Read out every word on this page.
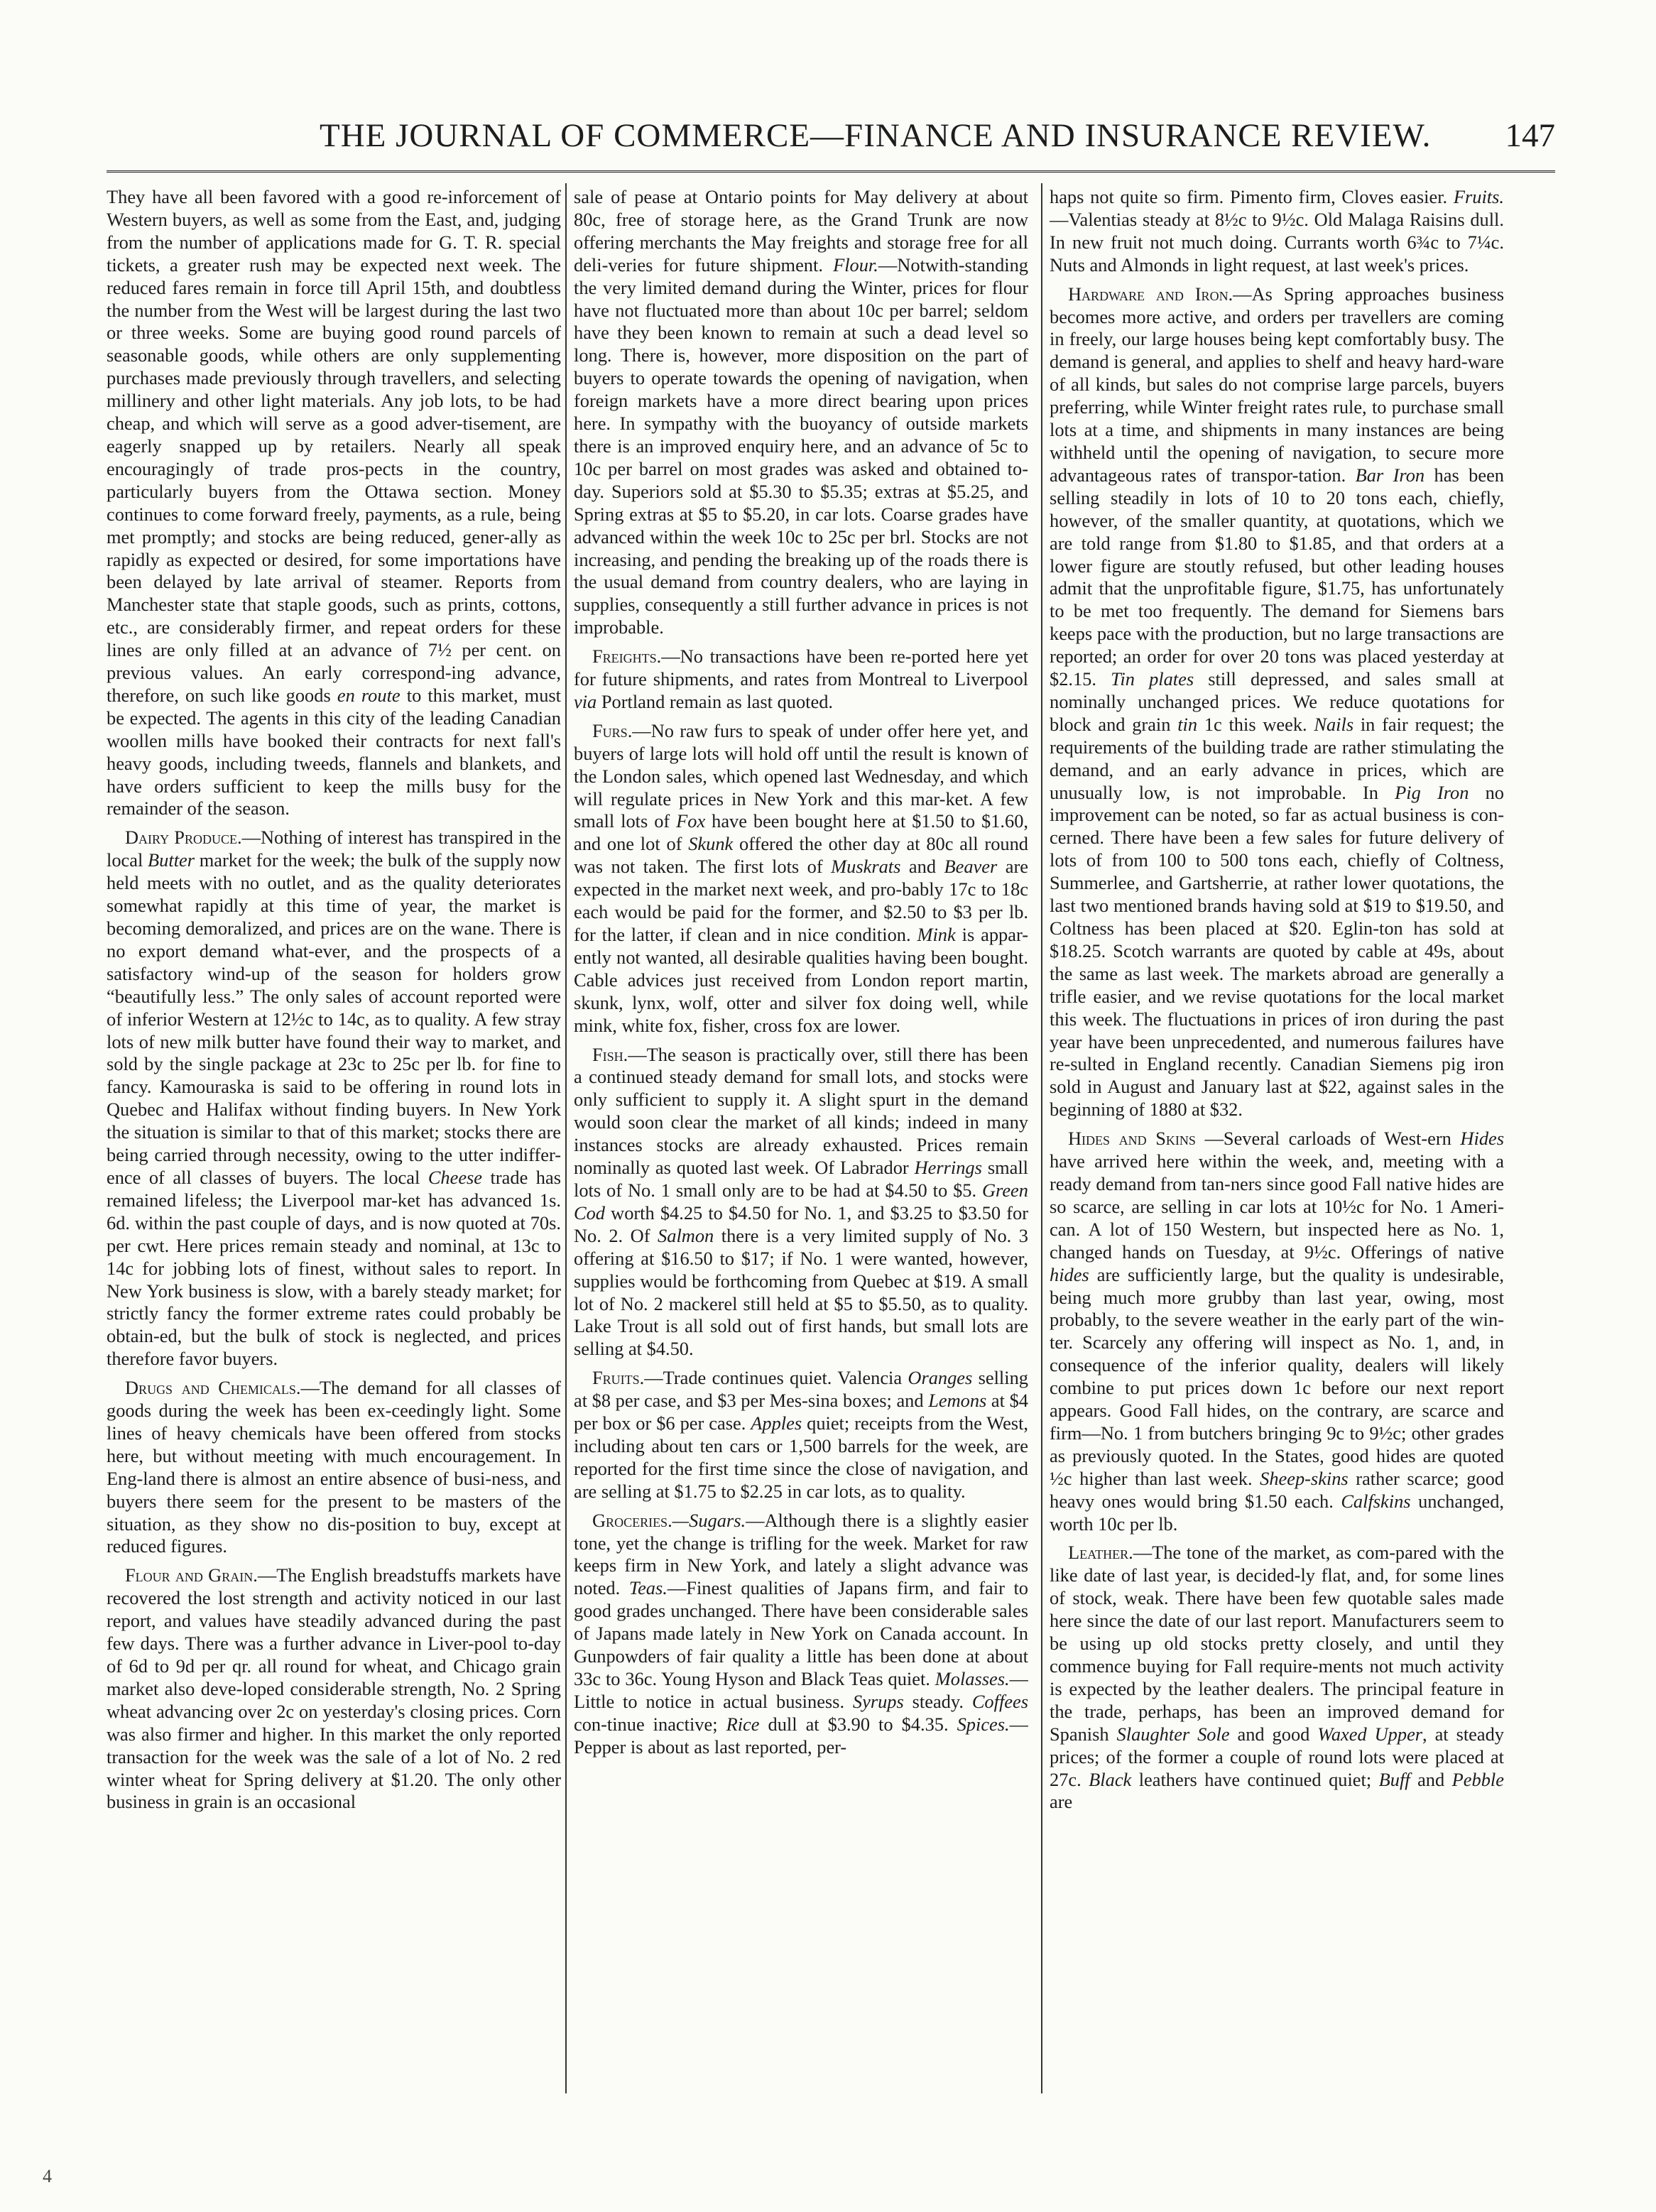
THE JOURNAL OF COMMERCE—FINANCE AND INSURANCE REVIEW. 147

They have all been favored with a good re-inforcement of Western buyers, as well as some from the East, and, judging from the number of applications made for G. T. R. special tickets, a greater rush may be expected next week. The reduced fares remain in force till April 15th, and doubtless the number from the West will be largest during the last two or three weeks. Some are buying good round parcels of seasonable goods, while others are only supplementing purchases made previously through travellers, and selecting millinery and other light materials. Any job lots, to be had cheap, and which will serve as a good adver-tisement, are eagerly snapped up by retailers. Nearly all speak encouragingly of trade pros-pects in the country, particularly buyers from the Ottawa section. Money continues to come forward freely, payments, as a rule, being met promptly; and stocks are being reduced, gener-ally as rapidly as expected or desired, for some importations have been delayed by late arrival of steamer. Reports from Manchester state that staple goods, such as prints, cottons, etc., are considerably firmer, and repeat orders for these lines are only filled at an advance of 7½ per cent. on previous values. An early correspond-ing advance, therefore, on such like goods en route to this market, must be expected. The agents in this city of the leading Canadian woollen mills have booked their contracts for next fall's heavy goods, including tweeds, flannels and blankets, and have orders sufficient to keep the mills busy for the remainder of the season.

Dairy Produce.—Nothing of interest has transpired in the local Butter market for the week; the bulk of the supply now held meets with no outlet, and as the quality deteriorates somewhat rapidly at this time of year, the market is becoming demoralized, and prices are on the wane. There is no export demand what-ever, and the prospects of a satisfactory wind-up of the season for holders grow “beautifully less.” The only sales of account reported were of inferior Western at 12½c to 14c, as to quality. A few stray lots of new milk butter have found their way to market, and sold by the single package at 23c to 25c per lb. for fine to fancy. Kamouraska is said to be offering in round lots in Quebec and Halifax without finding buyers. In New York the situation is similar to that of this market; stocks there are being carried through necessity, owing to the utter indiffer-ence of all classes of buyers. The local Cheese trade has remained lifeless; the Liverpool mar-ket has advanced 1s. 6d. within the past couple of days, and is now quoted at 70s. per cwt. Here prices remain steady and nominal, at 13c to 14c for jobbing lots of finest, without sales to report. In New York business is slow, with a barely steady market; for strictly fancy the former extreme rates could probably be obtain-ed, but the bulk of stock is neglected, and prices therefore favor buyers.

Drugs and Chemicals.—The demand for all classes of goods during the week has been ex-ceedingly light. Some lines of heavy chemicals have been offered from stocks here, but without meeting with much encouragement. In Eng-land there is almost an entire absence of busi-ness, and buyers there seem for the present to be masters of the situation, as they show no dis-position to buy, except at reduced figures.

Flour and Grain.—The English breadstuffs markets have recovered the lost strength and activity noticed in our last report, and values have steadily advanced during the past few days. There was a further advance in Liver-pool to-day of 6d to 9d per qr. all round for wheat, and Chicago grain market also deve-loped considerable strength, No. 2 Spring wheat advancing over 2c on yesterday's closing prices. Corn was also firmer and higher. In this market the only reported transaction for the week was the sale of a lot of No. 2 red winter wheat for Spring delivery at $1.20. The only other business in grain is an occasional

sale of pease at Ontario points for May delivery at about 80c, free of storage here, as the Grand Trunk are now offering merchants the May freights and storage free for all deli-veries for future shipment. Flour.—Notwith-standing the very limited demand during the Winter, prices for flour have not fluctuated more than about 10c per barrel; seldom have they been known to remain at such a dead level so long. There is, however, more disposition on the part of buyers to operate towards the opening of navigation, when foreign markets have a more direct bearing upon prices here. In sympathy with the buoyancy of outside markets there is an improved enquiry here, and an advance of 5c to 10c per barrel on most grades was asked and obtained to-day. Superiors sold at $5.30 to $5.35; extras at $5.25, and Spring extras at $5 to $5.20, in car lots. Coarse grades have advanced within the week 10c to 25c per brl. Stocks are not increasing, and pending the breaking up of the roads there is the usual demand from country dealers, who are laying in supplies, consequently a still further advance in prices is not improbable.

Freights.—No transactions have been re-ported here yet for future shipments, and rates from Montreal to Liverpool via Portland remain as last quoted.

Furs.—No raw furs to speak of under offer here yet, and buyers of large lots will hold off until the result is known of the London sales, which opened last Wednesday, and which will regulate prices in New York and this mar-ket. A few small lots of Fox have been bought here at $1.50 to $1.60, and one lot of Skunk offered the other day at 80c all round was not taken. The first lots of Muskrats and Beaver are expected in the market next week, and pro-bably 17c to 18c each would be paid for the former, and $2.50 to $3 per lb. for the latter, if clean and in nice condition. Mink is appar-ently not wanted, all desirable qualities having been bought. Cable advices just received from London report martin, skunk, lynx, wolf, otter and silver fox doing well, while mink, white fox, fisher, cross fox are lower.

Fish.—The season is practically over, still there has been a continued steady demand for small lots, and stocks were only sufficient to supply it. A slight spurt in the demand would soon clear the market of all kinds; indeed in many instances stocks are already exhausted. Prices remain nominally as quoted last week. Of Labrador Herrings small lots of No. 1 small only are to be had at $4.50 to $5. Green Cod worth $4.25 to $4.50 for No. 1, and $3.25 to $3.50 for No. 2. Of Salmon there is a very limited supply of No. 3 offering at $16.50 to $17; if No. 1 were wanted, however, supplies would be forthcoming from Quebec at $19. A small lot of No. 2 mackerel still held at $5 to $5.50, as to quality. Lake Trout is all sold out of first hands, but small lots are selling at $4.50.

Fruits.—Trade continues quiet. Valencia Oranges selling at $8 per case, and $3 per Mes-sina boxes; and Lemons at $4 per box or $6 per case. Apples quiet; receipts from the West, including about ten cars or 1,500 barrels for the week, are reported for the first time since the close of navigation, and are selling at $1.75 to $2.25 in car lots, as to quality.

Groceries.—Sugars.—Although there is a slightly easier tone, yet the change is trifling for the week. Market for raw keeps firm in New York, and lately a slight advance was noted. Teas.—Finest qualities of Japans firm, and fair to good grades unchanged. There have been considerable sales of Japans made lately in New York on Canada account. In Gunpowders of fair quality a little has been done at about 33c to 36c. Young Hyson and Black Teas quiet. Molasses.—Little to notice in actual business. Syrups steady. Coffees con-tinue inactive; Rice dull at $3.90 to $4.35. Spices.—Pepper is about as last reported, per-

haps not quite so firm. Pimento firm, Cloves easier. Fruits.—Valentias steady at 8½c to 9½c. Old Malaga Raisins dull. In new fruit not much doing. Currants worth 6¾c to 7¼c. Nuts and Almonds in light request, at last week's prices.

Hardware and Iron.—As Spring approaches business becomes more active, and orders per travellers are coming in freely, our large houses being kept comfortably busy. The demand is general, and applies to shelf and heavy hard-ware of all kinds, but sales do not comprise large parcels, buyers preferring, while Winter freight rates rule, to purchase small lots at a time, and shipments in many instances are being withheld until the opening of navigation, to secure more advantageous rates of transpor-tation. Bar Iron has been selling steadily in lots of 10 to 20 tons each, chiefly, however, of the smaller quantity, at quotations, which we are told range from $1.80 to $1.85, and that orders at a lower figure are stoutly refused, but other leading houses admit that the unprofitable figure, $1.75, has unfortunately to be met too frequently. The demand for Siemens bars keeps pace with the production, but no large transactions are reported; an order for over 20 tons was placed yesterday at $2.15. Tin plates still depressed, and sales small at nominally unchanged prices. We reduce quotations for block and grain tin 1c this week. Nails in fair request; the requirements of the building trade are rather stimulating the demand, and an early advance in prices, which are unusually low, is not improbable. In Pig Iron no improvement can be noted, so far as actual business is con-cerned. There have been a few sales for future delivery of lots of from 100 to 500 tons each, chiefly of Coltness, Summerlee, and Gartsherrie, at rather lower quotations, the last two mentioned brands having sold at $19 to $19.50, and Coltness has been placed at $20. Eglin-ton has sold at $18.25. Scotch warrants are quoted by cable at 49s, about the same as last week. The markets abroad are generally a trifle easier, and we revise quotations for the local market this week. The fluctuations in prices of iron during the past year have been unprecedented, and numerous failures have re-sulted in England recently. Canadian Siemens pig iron sold in August and January last at $22, against sales in the beginning of 1880 at $32.

Hides and Skins —Several carloads of West-ern Hides have arrived here within the week, and, meeting with a ready demand from tan-ners since good Fall native hides are so scarce, are selling in car lots at 10½c for No. 1 Ameri-can. A lot of 150 Western, but inspected here as No. 1, changed hands on Tuesday, at 9½c. Offerings of native hides are sufficiently large, but the quality is undesirable, being much more grubby than last year, owing, most probably, to the severe weather in the early part of the win-ter. Scarcely any offering will inspect as No. 1, and, in consequence of the inferior quality, dealers will likely combine to put prices down 1c before our next report appears. Good Fall hides, on the contrary, are scarce and firm—No. 1 from butchers bringing 9c to 9½c; other grades as previously quoted. In the States, good hides are quoted ½c higher than last week. Sheep-skins rather scarce; good heavy ones would bring $1.50 each. Calfskins unchanged, worth 10c per lb.

Leather.—The tone of the market, as com-pared with the like date of last year, is decided-ly flat, and, for some lines of stock, weak. There have been few quotable sales made here since the date of our last report. Manufacturers seem to be using up old stocks pretty closely, and until they commence buying for Fall require-ments not much activity is expected by the leather dealers. The principal feature in the trade, perhaps, has been an improved demand for Spanish Slaughter Sole and good Waxed Upper, at steady prices; of the former a couple of round lots were placed at 27c. Black leathers have continued quiet; Buff and Pebble are

4
